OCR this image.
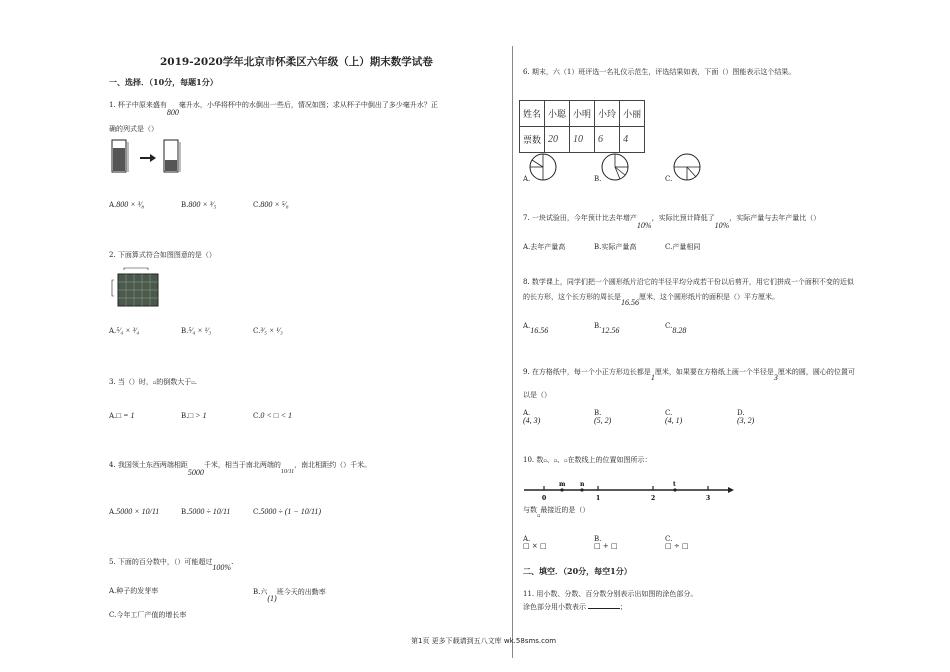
2019-2020学年北京市怀柔区六年级（上）期末数学试卷
一、选择．（10分，每题1分）
1. 杯子中原来盛有800毫升水，小华将杯中的水倒出一些后，情况如图；求从杯子中倒出了多少毫升水？正
确的列式是（）
A.800 × ³⁄₈	B.800 × ³⁄₅	C.800 × ⁵⁄₈
2. 下面算式符合如图图意的是（）
A.⁵⁄₄ × ³⁄₄	B.⁵⁄₄ × ¹⁄₃	C.³⁄₅ × ¹⁄₃
3. 当（）时，▫的倒数大于▫.
A.□ = 1	B.□ > 1	C.0 < □ < 1
4. 我国领土东西两端相距5000千米，相当于南北两端的10/11，南北相距约（）千米。
A.5000 × 10/11	B.5000 ÷ 10/11	C.5000 ÷ (1 − 10/11)
5. 下面的百分数中，（）可能超过100%.
A.种子的发芽率	B.六(1)班今天的出勤率
C.今年工厂产值的增长率
6. 期末，六（1）班评选一名礼仪示范生，评选结果如表，下面（）图能表示这个结果。
姓名	小聪	小明	小玲	小丽
票数	20	10	6	4
A.	B.	C.
7. 一块试验田，今年预计比去年增产10%，实际比预计降低了10%，实际产量与去年产量比（）
A.去年产量高	B.实际产量高	C.产量相同
8. 数学课上，同学们把一个圆形纸片沿它的半径平均分成若干份以后剪开，用它们拼成一个面积不变的近似
的长方形，这个长方形的周长是16.56厘米，这个圆形纸片的面积是（）平方厘米。
A.16.56	B.12.56	C.8.28
9. 在方格纸中，每一个小正方形边长都是1厘米，如果要在方格纸上画一个半径是3厘米的圆，圆心的位置可
以是（）
A.
(4, 3)
B.
(5, 2)
C.
(4, 1)
D.
(3, 2)
10. 数▫、▫、▫在数线上的位置如图所示：
0	1	2	3
m n	t
与数$_▫$最接近的是（）
A.
□ × □
B.
□ + □
C.
□ ÷ □
二、填空．（20分，每空1分）
11. 用小数、分数、百分数分别表示出如图的涂色部分。
涂色部分用小数表示	；
第1页 更多下载请到五八文库 wk.58sms.com
